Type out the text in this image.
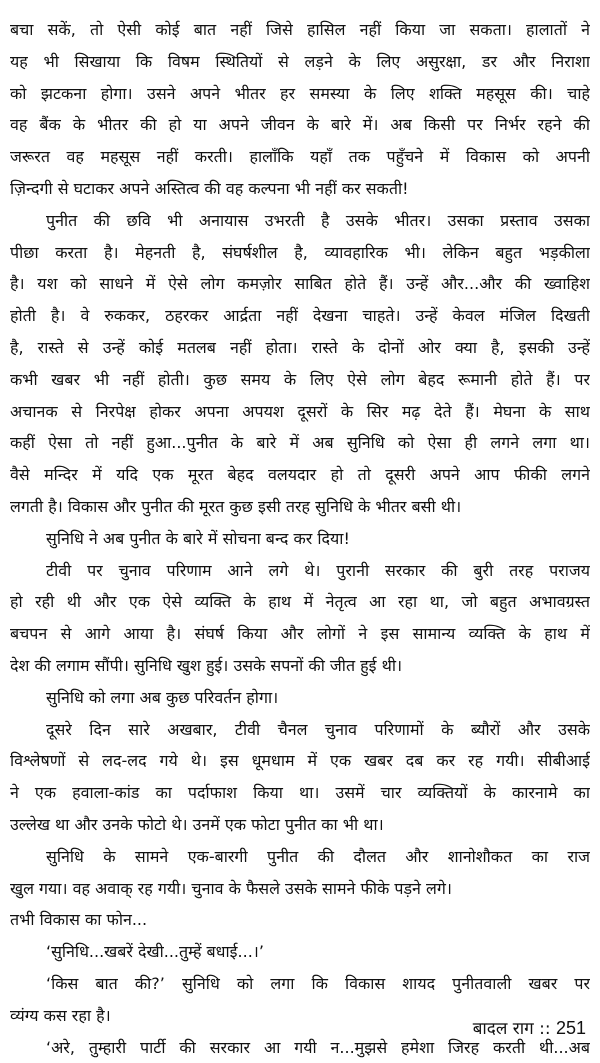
बचा सकें, तो ऐसी कोई बात नहीं जिसे हासिल नहीं किया जा सकता। हालातों ने
यह भी सिखाया कि विषम स्थितियों से लड़ने के लिए असुरक्षा, डर और निराशा
को झटकना होगा। उसने अपने भीतर हर समस्या के लिए शक्ति महसूस की। चाहे
वह बैंक के भीतर की हो या अपने जीवन के बारे में। अब किसी पर निर्भर रहने की
जरूरत वह महसूस नहीं करती। हालाँकि यहाँ तक पहुँचने में विकास को अपनी
ज़िन्दगी से घटाकर अपने अस्तित्व की वह कल्पना भी नहीं कर सकती!
पुनीत की छवि भी अनायास उभरती है उसके भीतर। उसका प्रस्ताव उसका
पीछा करता है। मेहनती है, संघर्षशील है, व्यावहारिक भी। लेकिन बहुत भड़कीला
है। यश को साधने में ऐसे लोग कमज़ोर साबित होते हैं। उन्हें और...और की ख्वाहिश
होती है। वे रुककर, ठहरकर आर्द्रता नहीं देखना चाहते। उन्हें केवल मंजिल दिखती
है, रास्ते से उन्हें कोई मतलब नहीं होता। रास्ते के दोनों ओर क्या है, इसकी उन्हें
कभी खबर भी नहीं होती। कुछ समय के लिए ऐसे लोग बेहद रूमानी होते हैं। पर
अचानक से निरपेक्ष होकर अपना अपयश दूसरों के सिर मढ़ देते हैं। मेघना के साथ
कहीं ऐसा तो नहीं हुआ...पुनीत के बारे में अब सुनिधि को ऐसा ही लगने लगा था।
वैसे मन्दिर में यदि एक मूरत बेहद वलयदार हो तो दूसरी अपने आप फीकी लगने
लगती है। विकास और पुनीत की मूरत कुछ इसी तरह सुनिधि के भीतर बसी थी।
सुनिधि ने अब पुनीत के बारे में सोचना बन्द कर दिया!
टीवी पर चुनाव परिणाम आने लगे थे। पुरानी सरकार की बुरी तरह पराजय
हो रही थी और एक ऐसे व्यक्ति के हाथ में नेतृत्व आ रहा था, जो बहुत अभावग्रस्त
बचपन से आगे आया है। संघर्ष किया और लोगों ने इस सामान्य व्यक्ति के हाथ में
देश की लगाम सौंपी। सुनिधि खुश हुई। उसके सपनों की जीत हुई थी।
सुनिधि को लगा अब कुछ परिवर्तन होगा।
दूसरे दिन सारे अखबार, टीवी चैनल चुनाव परिणामों के ब्यौरों और उसके
विश्लेषणों से लद-लद गये थे। इस धूमधाम में एक खबर दब कर रह गयी। सीबीआई
ने एक हवाला-कांड का पर्दाफाश किया था। उसमें चार व्यक्तियों के कारनामे का
उल्लेख था और उनके फोटो थे। उनमें एक फोटा पुनीत का भी था।
सुनिधि के सामने एक-बारगी पुनीत की दौलत और शानोशौकत का राज
खुल गया। वह अवाक् रह गयी। चुनाव के फैसले उसके सामने फीके पड़ने लगे।
तभी विकास का फोन...
‘सुनिधि...खबरें देखी...तुम्हें बधाई...।’
‘किस बात की?’ सुनिधि को लगा कि विकास शायद पुनीतवाली खबर पर
व्यंग्य कस रहा है।
‘अरे, तुम्हारी पार्टी की सरकार आ गयी न...मुझसे हमेशा जिरह करती थी...अब
बादल राग :: 251
